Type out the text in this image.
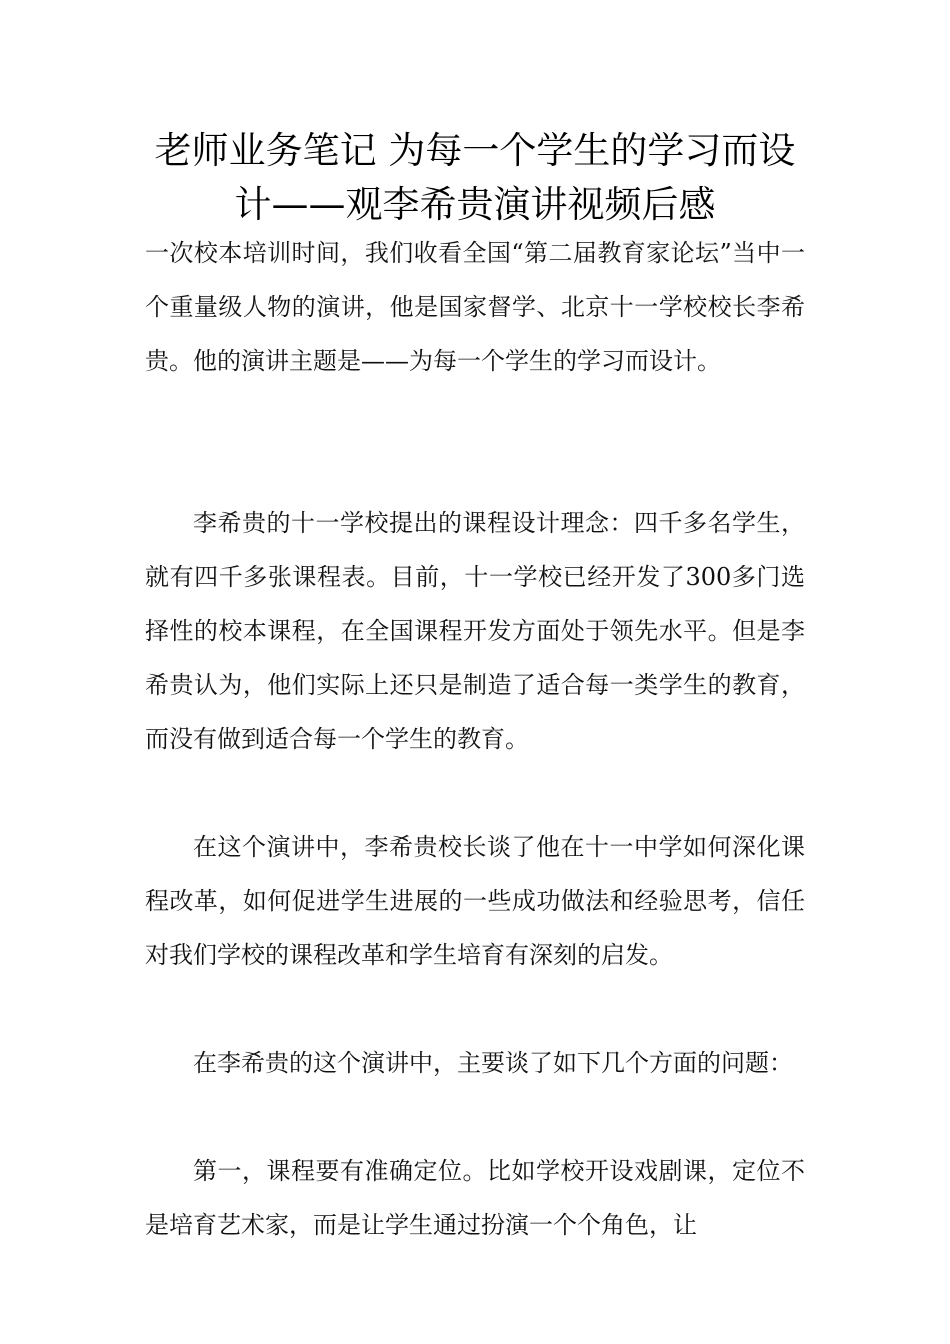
老师业务笔记 为每一个学生的学习而设计——观李希贵演讲视频后感

一次校本培训时间，我们收看全国“第二届教育家论坛”当中一个重量级人物的演讲，他是国家督学、北京十一学校校长李希贵。他的演讲主题是——为每一个学生的学习而设计。

李希贵的十一学校提出的课程设计理念：四千多名学生，就有四千多张课程表。目前，十一学校已经开发了300多门选择性的校本课程，在全国课程开发方面处于领先水平。但是李希贵认为，他们实际上还只是制造了适合每一类学生的教育，而没有做到适合每一个学生的教育。

在这个演讲中，李希贵校长谈了他在十一中学如何深化课程改革，如何促进学生进展的一些成功做法和经验思考，信任对我们学校的课程改革和学生培育有深刻的启发。

在李希贵的这个演讲中，主要谈了如下几个方面的问题：

第一，课程要有准确定位。比如学校开设戏剧课，定位不是培育艺术家，而是让学生通过扮演一个个角色，让
